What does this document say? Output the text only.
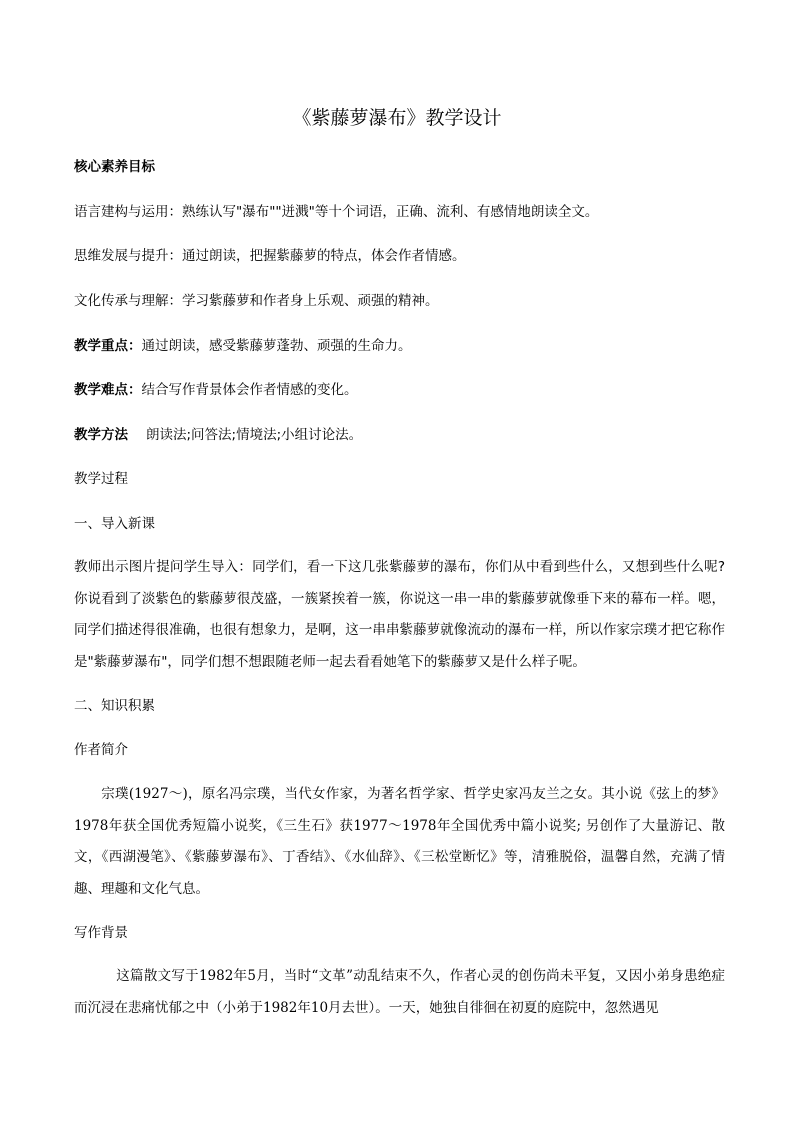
《紫藤萝瀑布》教学设计

核心素养目标

语言建构与运用：熟练认写"瀑布""迸溅"等十个词语，正确、流利、有感情地朗读全文。

思维发展与提升：通过朗读，把握紫藤萝的特点，体会作者情感。

文化传承与理解：学习紫藤萝和作者身上乐观、顽强的精神。

教学重点：通过朗读，感受紫藤萝蓬勃、顽强的生命力。

教学难点：结合写作背景体会作者情感的变化。

教学方法 朗读法;问答法;情境法;小组讨论法。

教学过程

一、导入新课

教师出示图片提问学生导入：同学们，看一下这几张紫藤萝的瀑布，你们从中看到些什么，又想到些什么呢?你说看到了淡紫色的紫藤萝很茂盛，一簇紧挨着一簇，你说这一串一串的紫藤萝就像垂下来的幕布一样。嗯，同学们描述得很准确，也很有想象力，是啊，这一串串紫藤萝就像流动的瀑布一样，所以作家宗璞才把它称作是"紫藤萝瀑布"，同学们想不想跟随老师一起去看看她笔下的紫藤萝又是什么样子呢。

二、知识积累

作者简介

宗璞(1927～)，原名冯宗璞，当代女作家，为著名哲学家、哲学史家冯友兰之女。其小说《弦上的梦》1978年获全国优秀短篇小说奖，《三生石》获1977～1978年全国优秀中篇小说奖; 另创作了大量游记、散文，《西湖漫笔》、《紫藤萝瀑布》、丁香结》、《水仙辞》、《三松堂断忆》等，清雅脱俗，温馨自然，充满了情趣、理趣和文化气息。

写作背景

这篇散文写于1982年5月，当时“文革”动乱结束不久，作者心灵的创伤尚未平复，又因小弟身患绝症而沉浸在悲痛忧郁之中（小弟于1982年10月去世）。一天，她独自徘徊在初夏的庭院中，忽然遇见
